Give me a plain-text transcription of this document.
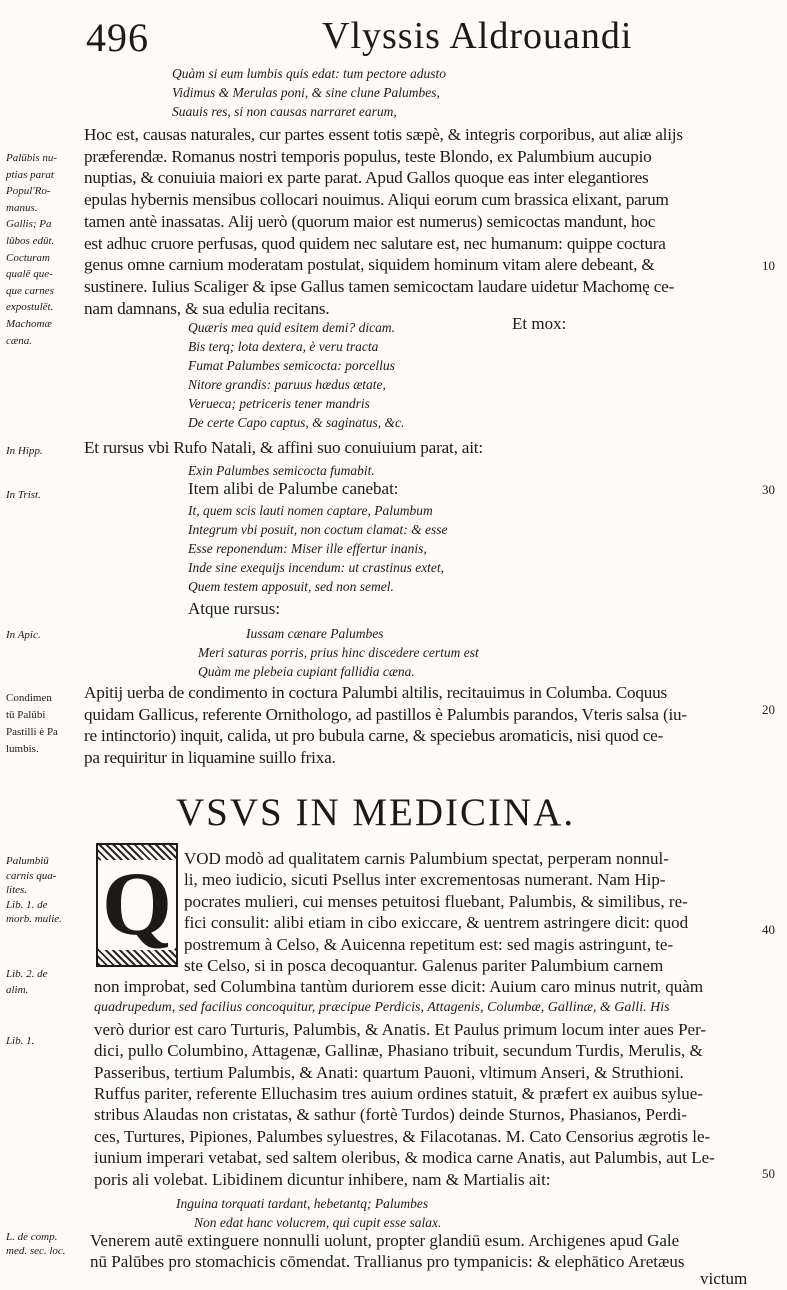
496	Vlyssis Aldrouandi
Quàm si eum lumbis quis edat: tum pectore adusto
Vidimus & Merulas poni, & sine clune Palumbes,
Suauis res, si non causas narraret earum,
Hoc est, causas naturales, cur partes essent totis sæpè, & integris corporibus, aut aliæ alijs
præferendæ. Romanus nostri temporis populus, teste Blondo, ex Palumbium aucupio
nuptias, & conuiuia maiori ex parte parat. Apud Gallos quoque eas inter elegantiores
epulas hybernis mensibus collocari nouimus. Aliqui eorum cum brassica elixant, parum
tamen antè inassatas. Alij uerò (quorum maior est numerus) semicoctas mandunt, hoc
est adhuc cruore perfusas, quod quidem nec salutare est, nec humanum: quippe coctura
genus omne carnium moderatam postulat, siquidem hominum vitam alere debeant, &
sustinere. Iulius Scaliger & ipse Gallus tamen semicoctam laudare uidetur Machomę ce-
nam damnans, & sua edulia recitans.
Palūbis nu-
ptias parat
Popul'Ro-
manus.
Gallis; Pa
lūbos edūt.
Cocturam
qualē que-
que carnes
expostulēt.
Machomæ
cæna.
10
Quæris mea quid esitem demi? dicam.
Bis terq; lota dextera, è veru tracta
Fumat Palumbes semicocta: porcellus
Nitore grandis: paruus hædus ætate,
Verueca; petriceris tener mandris
De certe Capo captus, & saginatus, &c.
Et mox:
In Hipp.	Et rursus vbi Rufo Natali, & affini suo conuiuium parat, ait:
Exin Palumbes semicocta fumabit.
In Trist.	Item alibi de Palumbe canebat:	30
It, quem scis lauti nomen captare, Palumbum
Integrum vbi posuit, non coctum clamat: & esse
Esse reponendum: Miser ille effertur inanis,
Inde sine exequijs incendum: ut crastinus extet,
Quem testem apposuit, sed non semel.
Atque rursus:
In Apic.	Iussam cænare Palumbes
Meri saturas porris, prius hinc discedere certum est
Quàm me plebeia cupiant fallidia cæna.
Apitij uerba de condimento in coctura Palumbi altilis, recitauimus in Columba. Coquus
quidam Gallicus, referente Ornithologo, ad pastillos è Palumbis parandos, Vteris salsa (iu-
re intinctorio) inquit, calida, ut pro bubula carne, & speciebus aromaticis, nisi quod ce-
pa requiritur in liquamine suillo frixa.
Condimen
tū Palūbi
Pastilli è Pa
lumbis.
20
VSVS IN MEDICINA.
Q VOD modò ad qualitatem carnis Palumbium spectat, perperam nonnul-
li, meo iudicio, sicuti Psellus inter excrementosas numerant. Nam Hip-
pocrates mulieri, cui menses petuitosi fluebant, Palumbis, & similibus, re-
fici consulit: alibi etiam in cibo exiccare, & uentrem astringere dicit: quod
postremum à Celso, & Auicenna repetitum est: sed magis astringunt, te-
ste Celso, si in posca decoquantur. Galenus pariter Palumbium carnem
non improbat, sed Columbina tantùm duriorem esse dicit: Auium caro minus nutrit, quàm
quadrupedum, sed facilius concoquitur, præcipue Perdicis, Attagenis, Columbæ, Gallinæ, & Galli. His
verò durior est caro Turturis, Palumbis, & Anatis. Et Paulus primum locum inter aues Per-
dici, pullo Columbino, Attagenæ, Gallinæ, Phasiano tribuit, secundum Turdis, Merulis, &
Passeribus, tertium Palumbis, & Anati: quartum Pauoni, vltimum Anseri, & Struthioni.
Ruffus pariter, referente Elluchasim tres auium ordines statuit, & præfert ex auibus sylue-
stribus Alaudas non cristatas, & sathur (fortè Turdos) deinde Sturnos, Phasianos, Perdi-
ces, Turtures, Pipiones, Palumbes syluestres, & Filacotanas. M. Cato Censorius ægrotis le-
iunium imperari vetabat, sed saltem oleribus, & modica carne Anatis, aut Palumbis, aut Le-
poris ali volebat. Libidinem dicuntur inhibere, nam & Martialis ait:
Inguina torquati tardant, hebetantq; Palumbes
Non edat hanc volucrem, qui cupit esse salax.
Venerem autē extinguere nonnulli uolunt, propter glandiū esum. Archigenes apud Gale
nū Palūbes pro stomachicis cōmendat. Trallianus pro tympanicis: & elephātico Aretæus
victum
Palumbiū
carnis qua-
lites.
Lib. 1. de
morb. mulie.
Lib. 2. de
alim.
Lib. 1.
L. de comp.
med. sec. loc.
40
50
